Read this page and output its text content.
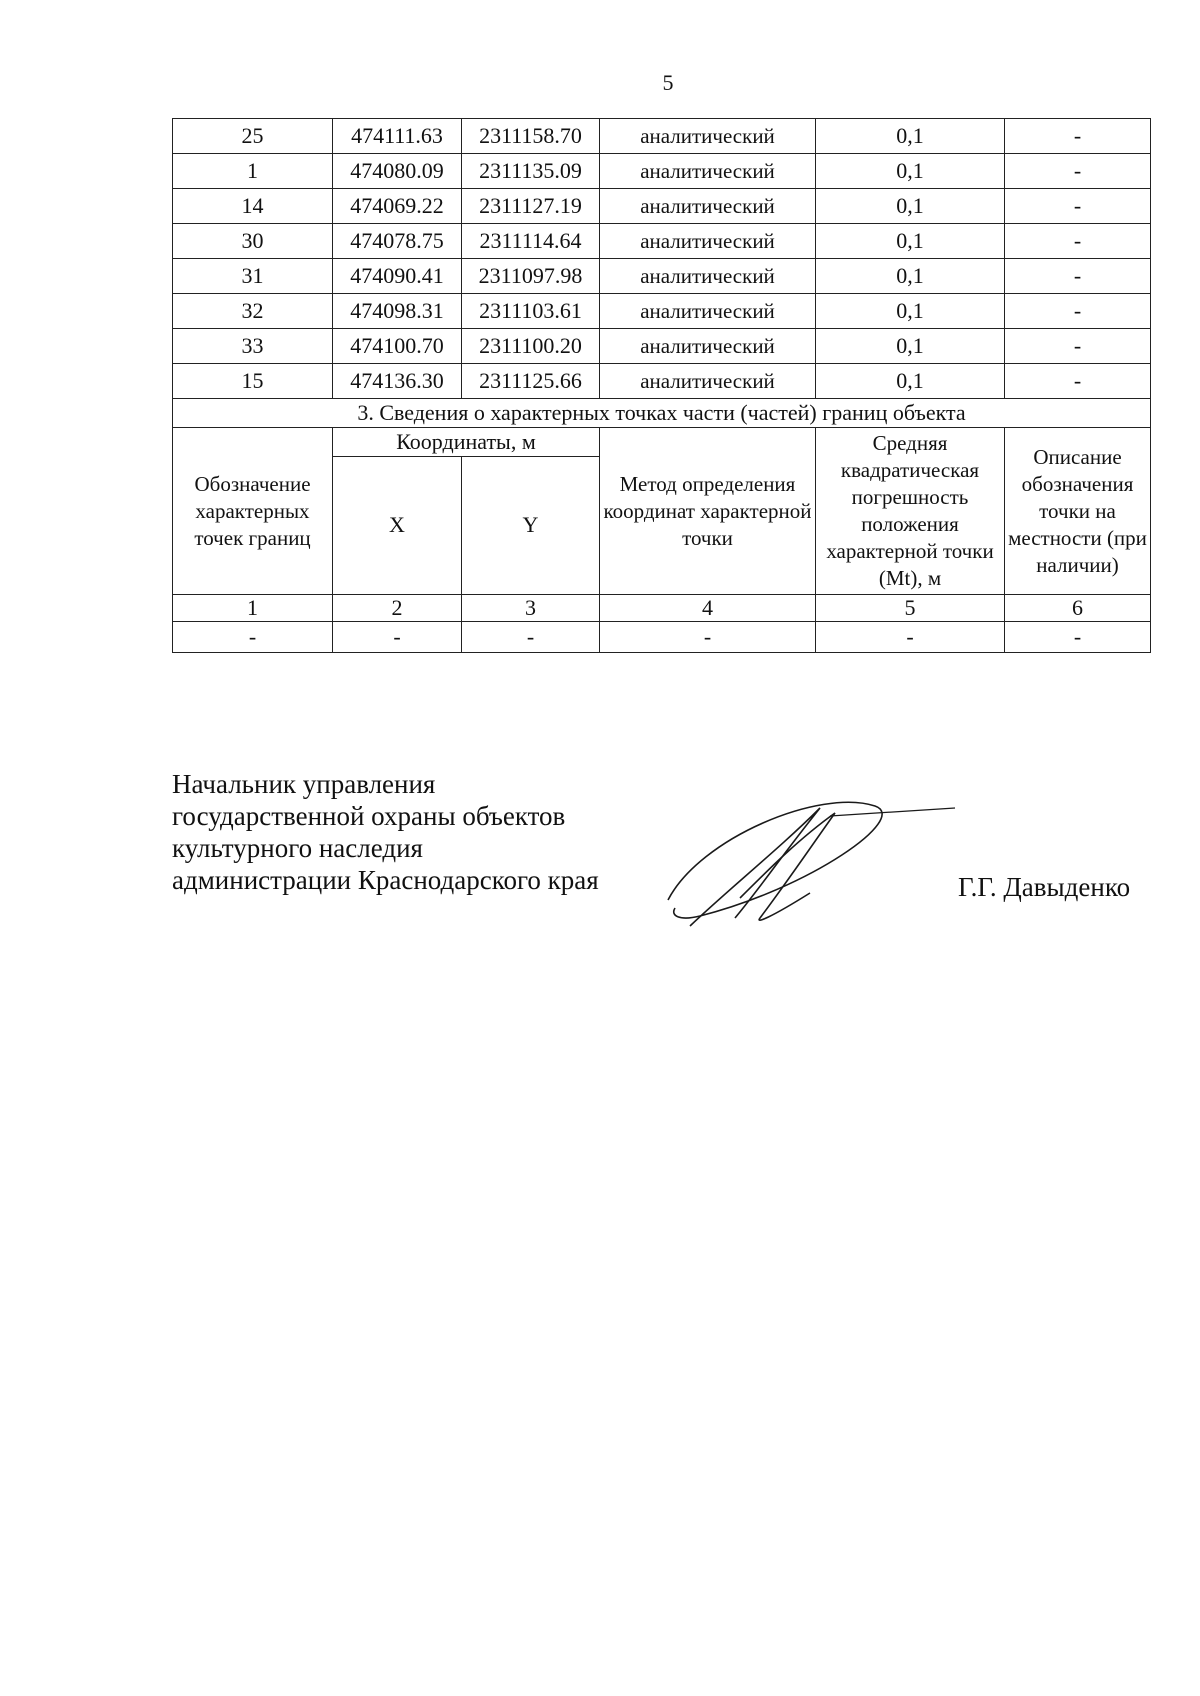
5
25	474111.63	2311158.70	аналитический	0,1	-
1	474080.09	2311135.09	аналитический	0,1	-
14	474069.22	2311127.19	аналитический	0,1	-
30	474078.75	2311114.64	аналитический	0,1	-
31	474090.41	2311097.98	аналитический	0,1	-
32	474098.31	2311103.61	аналитический	0,1	-
33	474100.70	2311100.20	аналитический	0,1	-
15	474136.30	2311125.66	аналитический	0,1	-
3. Сведения о характерных точках части (частей) границ объекта					
Обозначение характерных точек границ	Координаты, м		Метод определения координат характерной точки	Средняя квадратическая погрешность положения характерной точки (Mt), м	Описание обозначения точки на местности (при наличии)
	X	Y			
1	2	3	4	5	6
-	-	-	-	-	-
Начальник управления
государственной охраны объектов
культурного наследия
администрации Краснодарского края	Г.Г. Давыденко
